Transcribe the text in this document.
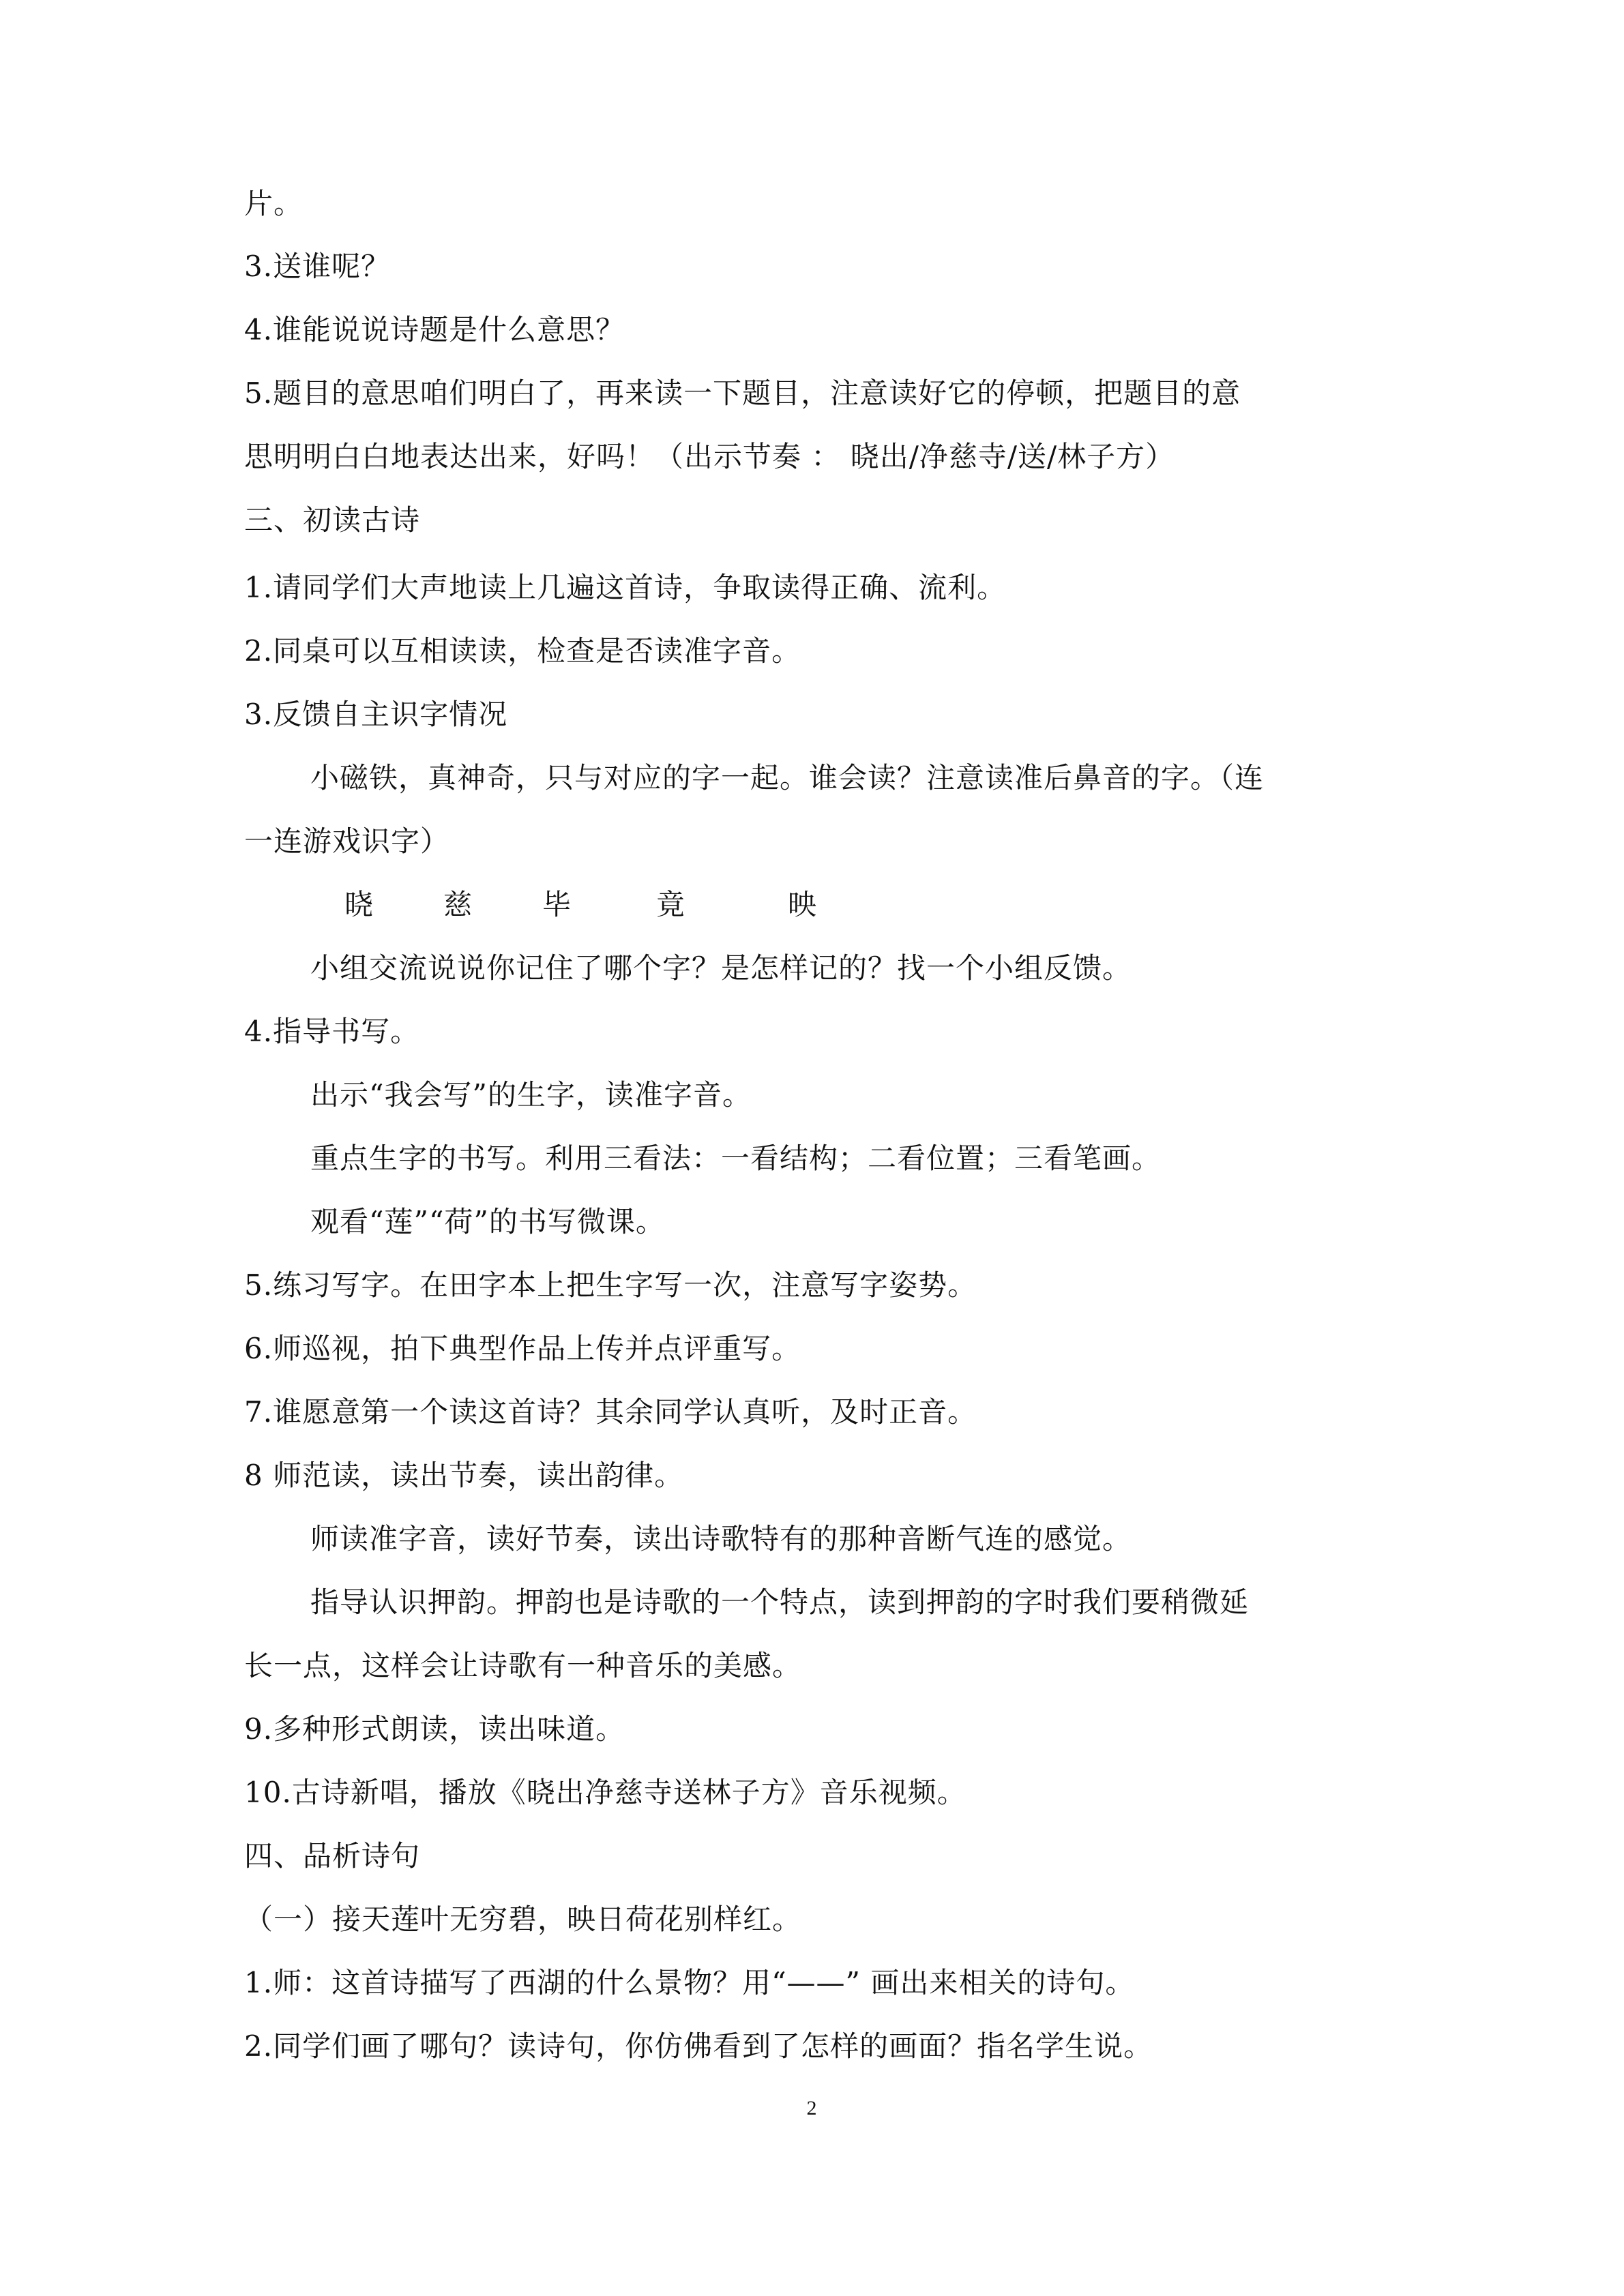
片。
3.送谁呢？
4.谁能说说诗题是什么意思？
5.题目的意思咱们明白了，再来读一下题目，注意读好它的停顿，把题目的意
思明明白白地表达出来，好吗！（出示节奏 ： 晓出/净慈寺/送/林子方）
三、初读古诗
1.请同学们大声地读上几遍这首诗，争取读得正确、流利。
2.同桌可以互相读读，检查是否读准字音。
3.反馈自主识字情况
小磁铁，真神奇，只与对应的字一起。谁会读？注意读准后鼻音的字。（连
一连游戏识字）
晓 慈 毕	竟	映
小组交流说说你记住了哪个字？是怎样记的？找一个小组反馈。
4.指导书写。
出示“我会写”的生字，读准字音。
重点生字的书写。利用三看法：一看结构；二看位置；三看笔画。
观看“莲”“荷”的书写微课。
5.练习写字。在田字本上把生字写一次，注意写字姿势。
6.师巡视，拍下典型作品上传并点评重写。
7.谁愿意第一个读这首诗？其余同学认真听，及时正音。
8 师范读，读出节奏，读出韵律。
师读准字音，读好节奏，读出诗歌特有的那种音断气连的感觉。
指导认识押韵。押韵也是诗歌的一个特点，读到押韵的字时我们要稍微延
长一点，这样会让诗歌有一种音乐的美感。
9.多种形式朗读，读出味道。
10.古诗新唱，播放《晓出净慈寺送林子方》音乐视频。
四、品析诗句
（一）接天莲叶无穷碧，映日荷花别样红。
1.师：这首诗描写了西湖的什么景物？用“——” 画出来相关的诗句。
2.同学们画了哪句？读诗句，你仿佛看到了怎样的画面？指名学生说。
2
